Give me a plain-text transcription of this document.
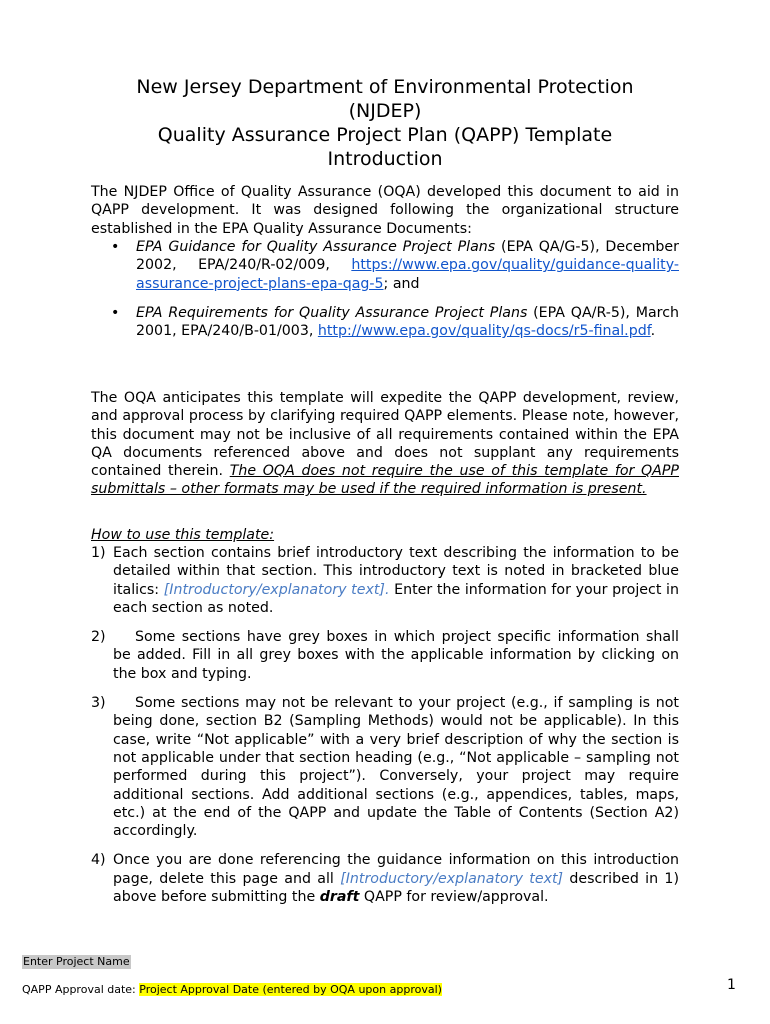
New Jersey Department of Environmental Protection
(NJDEP)
Quality Assurance Project Plan (QAPP) Template
Introduction
The NJDEP Office of Quality Assurance (OQA) developed this document to aid in QAPP development. It was designed following the organizational structure established in the EPA Quality Assurance Documents:
• EPA Guidance for Quality Assurance Project Plans (EPA QA/G-5), December 2002, EPA/240/R-02/009, https://www.epa.gov/quality/guidance-quality-assurance-project-plans-epa-qag-5; and
• EPA Requirements for Quality Assurance Project Plans (EPA QA/R-5), March 2001, EPA/240/B-01/003, http://www.epa.gov/quality/qs-docs/r5-final.pdf.
The OQA anticipates this template will expedite the QAPP development, review, and approval process by clarifying required QAPP elements. Please note, however, this document may not be inclusive of all requirements contained within the EPA QA documents referenced above and does not supplant any requirements contained therein. The OQA does not require the use of this template for QAPP submittals – other formats may be used if the required information is present.
How to use this template:
1) Each section contains brief introductory text describing the information to be detailed within that section. This introductory text is noted in bracketed blue italics: [Introductory/explanatory text]. Enter the information for your project in each section as noted.
2) Some sections have grey boxes in which project specific information shall be added. Fill in all grey boxes with the applicable information by clicking on the box and typing.
3) Some sections may not be relevant to your project (e.g., if sampling is not being done, section B2 (Sampling Methods) would not be applicable). In this case, write “Not applicable” with a very brief description of why the section is not applicable under that section heading (e.g., “Not applicable – sampling not performed during this project”). Conversely, your project may require additional sections. Add additional sections (e.g., appendices, tables, maps, etc.) at the end of the QAPP and update the Table of Contents (Section A2) accordingly.
4) Once you are done referencing the guidance information on this introduction page, delete this page and all [Introductory/explanatory text] described in 1) above before submitting the draft QAPP for review/approval.
Enter Project Name
QAPP Approval date: Project Approval Date (entered by OQA upon approval)	1
